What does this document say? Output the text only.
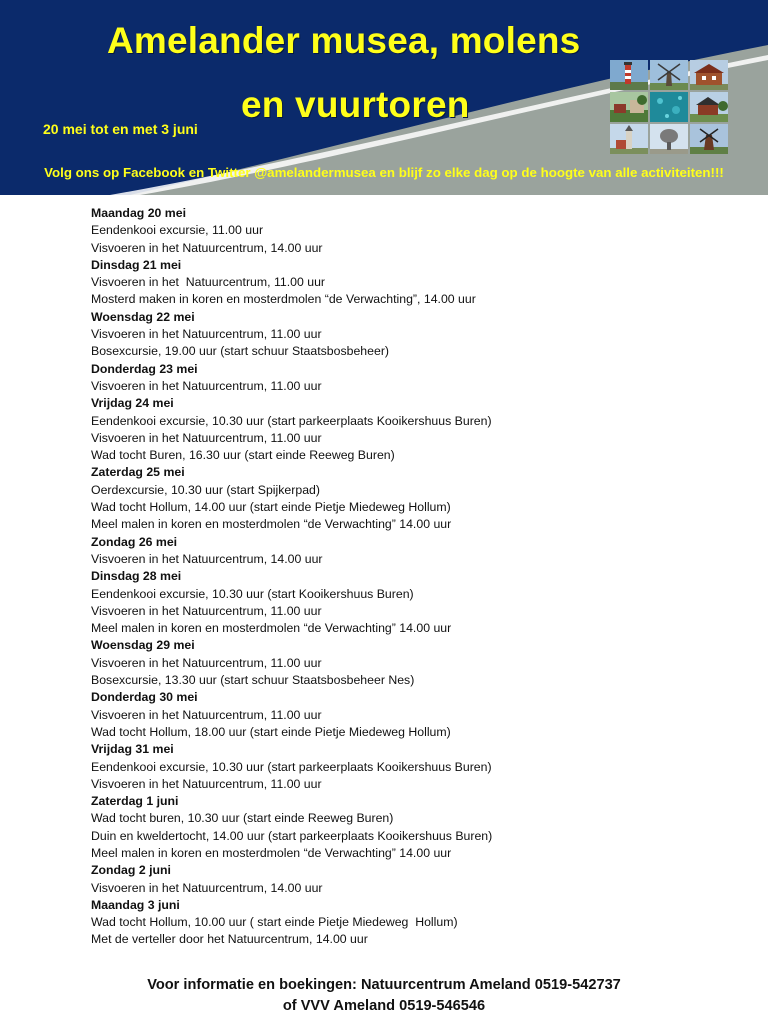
Amelander musea, molens
en vuurtoren
20 mei tot en met 3 juni
Volg ons op Facebook en Twitter @amelandermusea en blijf zo elke dag op de hoogte van alle activiteiten!!!
Maandag 20 mei
Eendenkooi excursie, 11.00 uur
Visvoeren in het Natuurcentrum, 14.00 uur
Dinsdag 21 mei
Visvoeren in het  Natuurcentrum, 11.00 uur
Mosterd maken in koren en mosterdmolen “de Verwachting”, 14.00 uur
Woensdag 22 mei
Visvoeren in het Natuurcentrum, 11.00 uur
Bosexcursie, 19.00 uur (start schuur Staatsbosbeheer)
Donderdag 23 mei
Visvoeren in het Natuurcentrum, 11.00 uur
Vrijdag 24 mei
Eendenkooi excursie, 10.30 uur (start parkeerplaats Kooikershuus Buren)
Visvoeren in het Natuurcentrum, 11.00 uur
Wad tocht Buren, 16.30 uur (start einde Reeweg Buren)
Zaterdag 25 mei
Oerdexcursie, 10.30 uur (start Spijkerpad)
Wad tocht Hollum, 14.00 uur (start einde Pietje Miedeweg Hollum)
Meel malen in koren en mosterdmolen “de Verwachting” 14.00 uur
Zondag 26 mei
Visvoeren in het Natuurcentrum, 14.00 uur
Dinsdag 28 mei
Eendenkooi excursie, 10.30 uur (start Kooikershuus Buren)
Visvoeren in het Natuurcentrum, 11.00 uur
Meel malen in koren en mosterdmolen “de Verwachting” 14.00 uur
Woensdag 29 mei
Visvoeren in het Natuurcentrum, 11.00 uur
Bosexcursie, 13.30 uur (start schuur Staatsbosbeheer Nes)
Donderdag 30 mei
Visvoeren in het Natuurcentrum, 11.00 uur
Wad tocht Hollum, 18.00 uur (start einde Pietje Miedeweg Hollum)
Vrijdag 31 mei
Eendenkooi excursie, 10.30 uur (start parkeerplaats Kooikershuus Buren)
Visvoeren in het Natuurcentrum, 11.00 uur
Zaterdag 1 juni
Wad tocht buren, 10.30 uur (start einde Reeweg Buren)
Duin en kweldertocht, 14.00 uur (start parkeerplaats Kooikershuus Buren)
Meel malen in koren en mosterdmolen “de Verwachting” 14.00 uur
Zondag 2 juni
Visvoeren in het Natuurcentrum, 14.00 uur
Maandag 3 juni
Wad tocht Hollum, 10.00 uur ( start einde Pietje Miedeweg  Hollum)
Met de verteller door het Natuurcentrum, 14.00 uur
Voor informatie en boekingen: Natuurcentrum Ameland 0519-542737
of VVV Ameland 0519-546546
